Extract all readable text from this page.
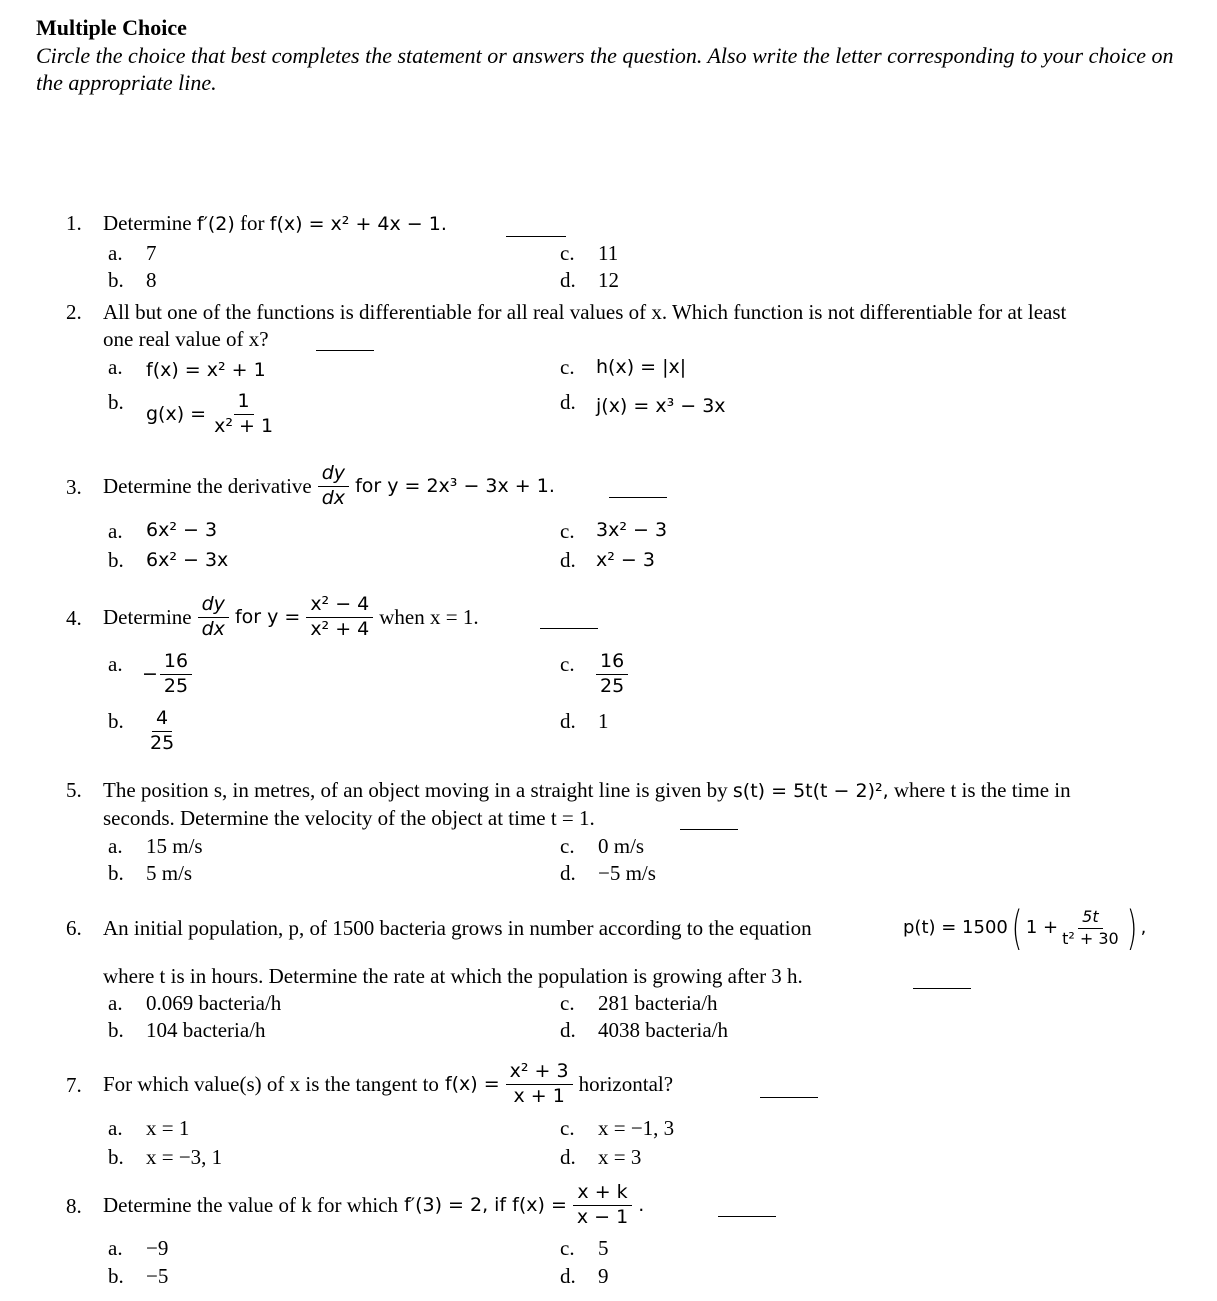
Multiple Choice
Circle the choice that best completes the statement or answers the question. Also write the letter corresponding to your choice on the appropriate line.
1. Determine f′(2) for f(x) = x² + 4x − 1.
a. 7
b. 8
c. 11
d. 12
2. All but one of the functions is differentiable for all real values of x. Which function is not differentiable for at least
one real value of x?
a. f(x) = x² + 1
b. $g(x) = \frac{1}{\text{x² + 1}}$
c. h(x) = |x|
d. j(x) = x³ − 3x
3. Determine the derivative $\frac{dy}{dx}$ for y = 2x³ − 3x + 1.
a. 6x² − 3
b. 6x² − 3x
c. 3x² − 3
d. x² − 3
4. Determine $\frac{dy}{dx}$ for $y = \frac{\text{x² − 4}}{\text{x² + 4}}$ when x = 1.
a. − $\frac{16}{25}$
b. $\frac{4}{25}$
c. $\frac{16}{25}$
d. 1
5. The position s, in metres, of an object moving in a straight line is given by s(t) = 5t(t − 2)², where t is the time in
seconds. Determine the velocity of the object at time t = 1.
a. 15 m/s
b. 5 m/s
c. 0 m/s
d. −5 m/s
6. An initial population, p, of 1500 bacteria grows in number according to the equation	p(t) = 1500 ( $1 + \frac{5t}{\text{t² + 30}}$ ) ,
where t is in hours. Determine the rate at which the population is growing after 3 h.
a. 0.069 bacteria/h
b. 104 bacteria/h
c. 281 bacteria/h
d. 4038 bacteria/h
7. For which value(s) of x is the tangent to $f(x) = \frac{\text{x² + 3}}{x + 1}$ horizontal?
a. x = 1
b. x = −3, 1
c. x = −1, 3
d. x = 3
8. Determine the value of k for which f′(3) = 2, if $f(x) = \frac{x + k}{x - 1}$ .
a. −9
b. −5
c. 5
d. 9
